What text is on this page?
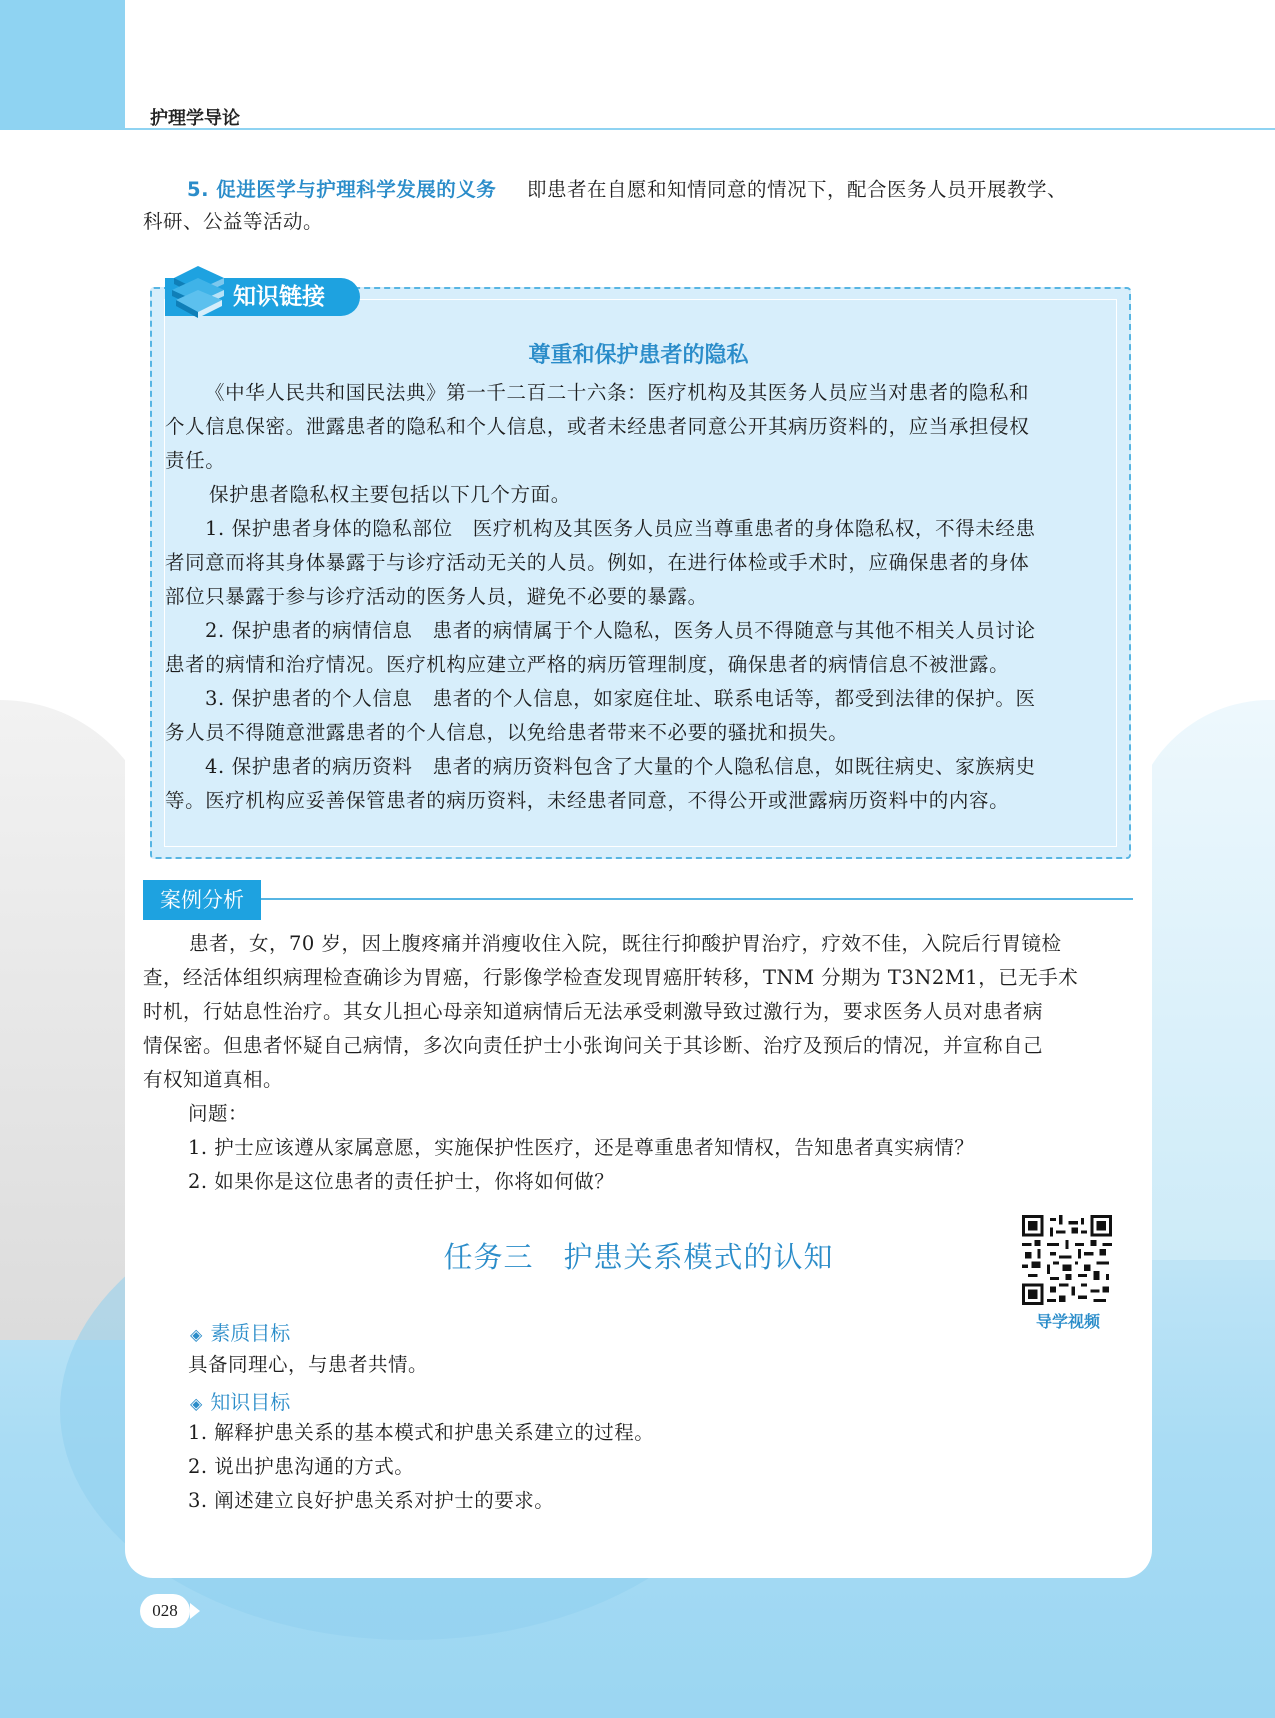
护理学导论
5. 促进医学与护理科学发展的义务 即患者在自愿和知情同意的情况下，配合医务人员开展教学、
科研、公益等活动。
知识链接
尊重和保护患者的隐私
《中华人民共和国民法典》第一千二百二十六条：医疗机构及其医务人员应当对患者的隐私和
个人信息保密。泄露患者的隐私和个人信息，或者未经患者同意公开其病历资料的，应当承担侵权
责任。
保护患者隐私权主要包括以下几个方面。
1. 保护患者身体的隐私部位　医疗机构及其医务人员应当尊重患者的身体隐私权，不得未经患
者同意而将其身体暴露于与诊疗活动无关的人员。例如，在进行体检或手术时，应确保患者的身体
部位只暴露于参与诊疗活动的医务人员，避免不必要的暴露。
2. 保护患者的病情信息　患者的病情属于个人隐私，医务人员不得随意与其他不相关人员讨论
患者的病情和治疗情况。医疗机构应建立严格的病历管理制度，确保患者的病情信息不被泄露。
3. 保护患者的个人信息　患者的个人信息，如家庭住址、联系电话等，都受到法律的保护。医
务人员不得随意泄露患者的个人信息，以免给患者带来不必要的骚扰和损失。
4. 保护患者的病历资料　患者的病历资料包含了大量的个人隐私信息，如既往病史、家族病史
等。医疗机构应妥善保管患者的病历资料，未经患者同意，不得公开或泄露病历资料中的内容。
案例分析
患者，女，70 岁，因上腹疼痛并消瘦收住入院，既往行抑酸护胃治疗，疗效不佳，入院后行胃镜检
查，经活体组织病理检查确诊为胃癌，行影像学检查发现胃癌肝转移，TNM 分期为 T3N2M1，已无手术
时机，行姑息性治疗。其女儿担心母亲知道病情后无法承受刺激导致过激行为，要求医务人员对患者病
情保密。但患者怀疑自己病情，多次向责任护士小张询问关于其诊断、治疗及预后的情况，并宣称自己
有权知道真相。
问题：
1. 护士应该遵从家属意愿，实施保护性医疗，还是尊重患者知情权，告知患者真实病情？
2. 如果你是这位患者的责任护士，你将如何做？
任务三　护患关系模式的认知
导学视频
◈ 素质目标
具备同理心，与患者共情。
◈ 知识目标
1. 解释护患关系的基本模式和护患关系建立的过程。
2. 说出护患沟通的方式。
3. 阐述建立良好护患关系对护士的要求。
028
